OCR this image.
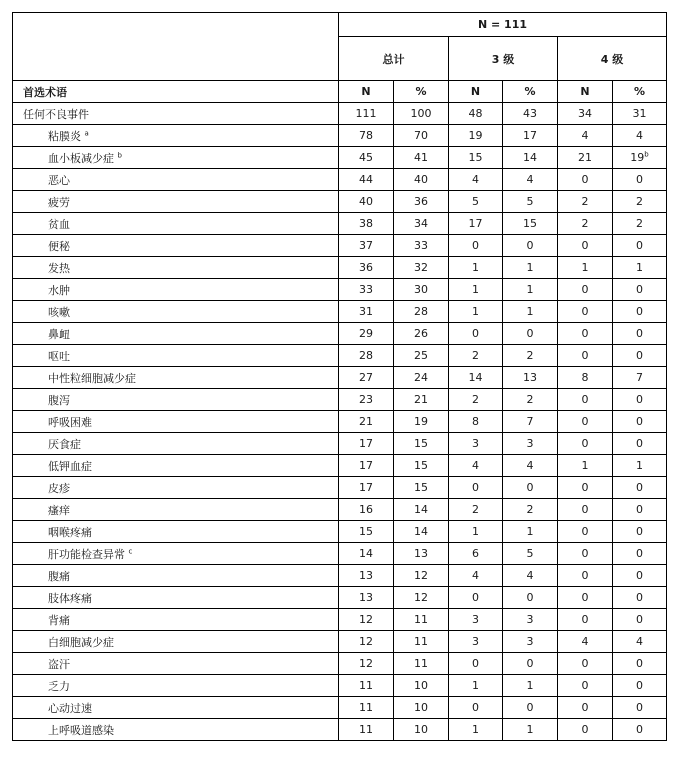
	N = 111					
	总计		3 级		4 级	
首选术语	N	%	N	%	N	%
任何不良事件	111	100	48	43	34	31
粘膜炎 $^a$	78	70	19	17	4	4
血小板减少症 $^b$	45	41	15	14	21	19$^b$
恶心	44	40	4	4	0	0
疲劳	40	36	5	5	2	2
贫血	38	34	17	15	2	2
便秘	37	33	0	0	0	0
发热	36	32	1	1	1	1
水肿	33	30	1	1	0	0
咳嗽	31	28	1	1	0	0
鼻衄	29	26	0	0	0	0
呕吐	28	25	2	2	0	0
中性粒细胞减少症	27	24	14	13	8	7
腹泻	23	21	2	2	0	0
呼吸困难	21	19	8	7	0	0
厌食症	17	15	3	3	0	0
低钾血症	17	15	4	4	1	1
皮疹	17	15	0	0	0	0
瘙痒	16	14	2	2	0	0
咽喉疼痛	15	14	1	1	0	0
肝功能检查异常 $^c$	14	13	6	5	0	0
腹痛	13	12	4	4	0	0
肢体疼痛	13	12	0	0	0	0
背痛	12	11	3	3	0	0
白细胞减少症	12	11	3	3	4	4
盗汗	12	11	0	0	0	0
乏力	11	10	1	1	0	0
心动过速	11	10	0	0	0	0
上呼吸道感染	11	10	1	1	0	0
